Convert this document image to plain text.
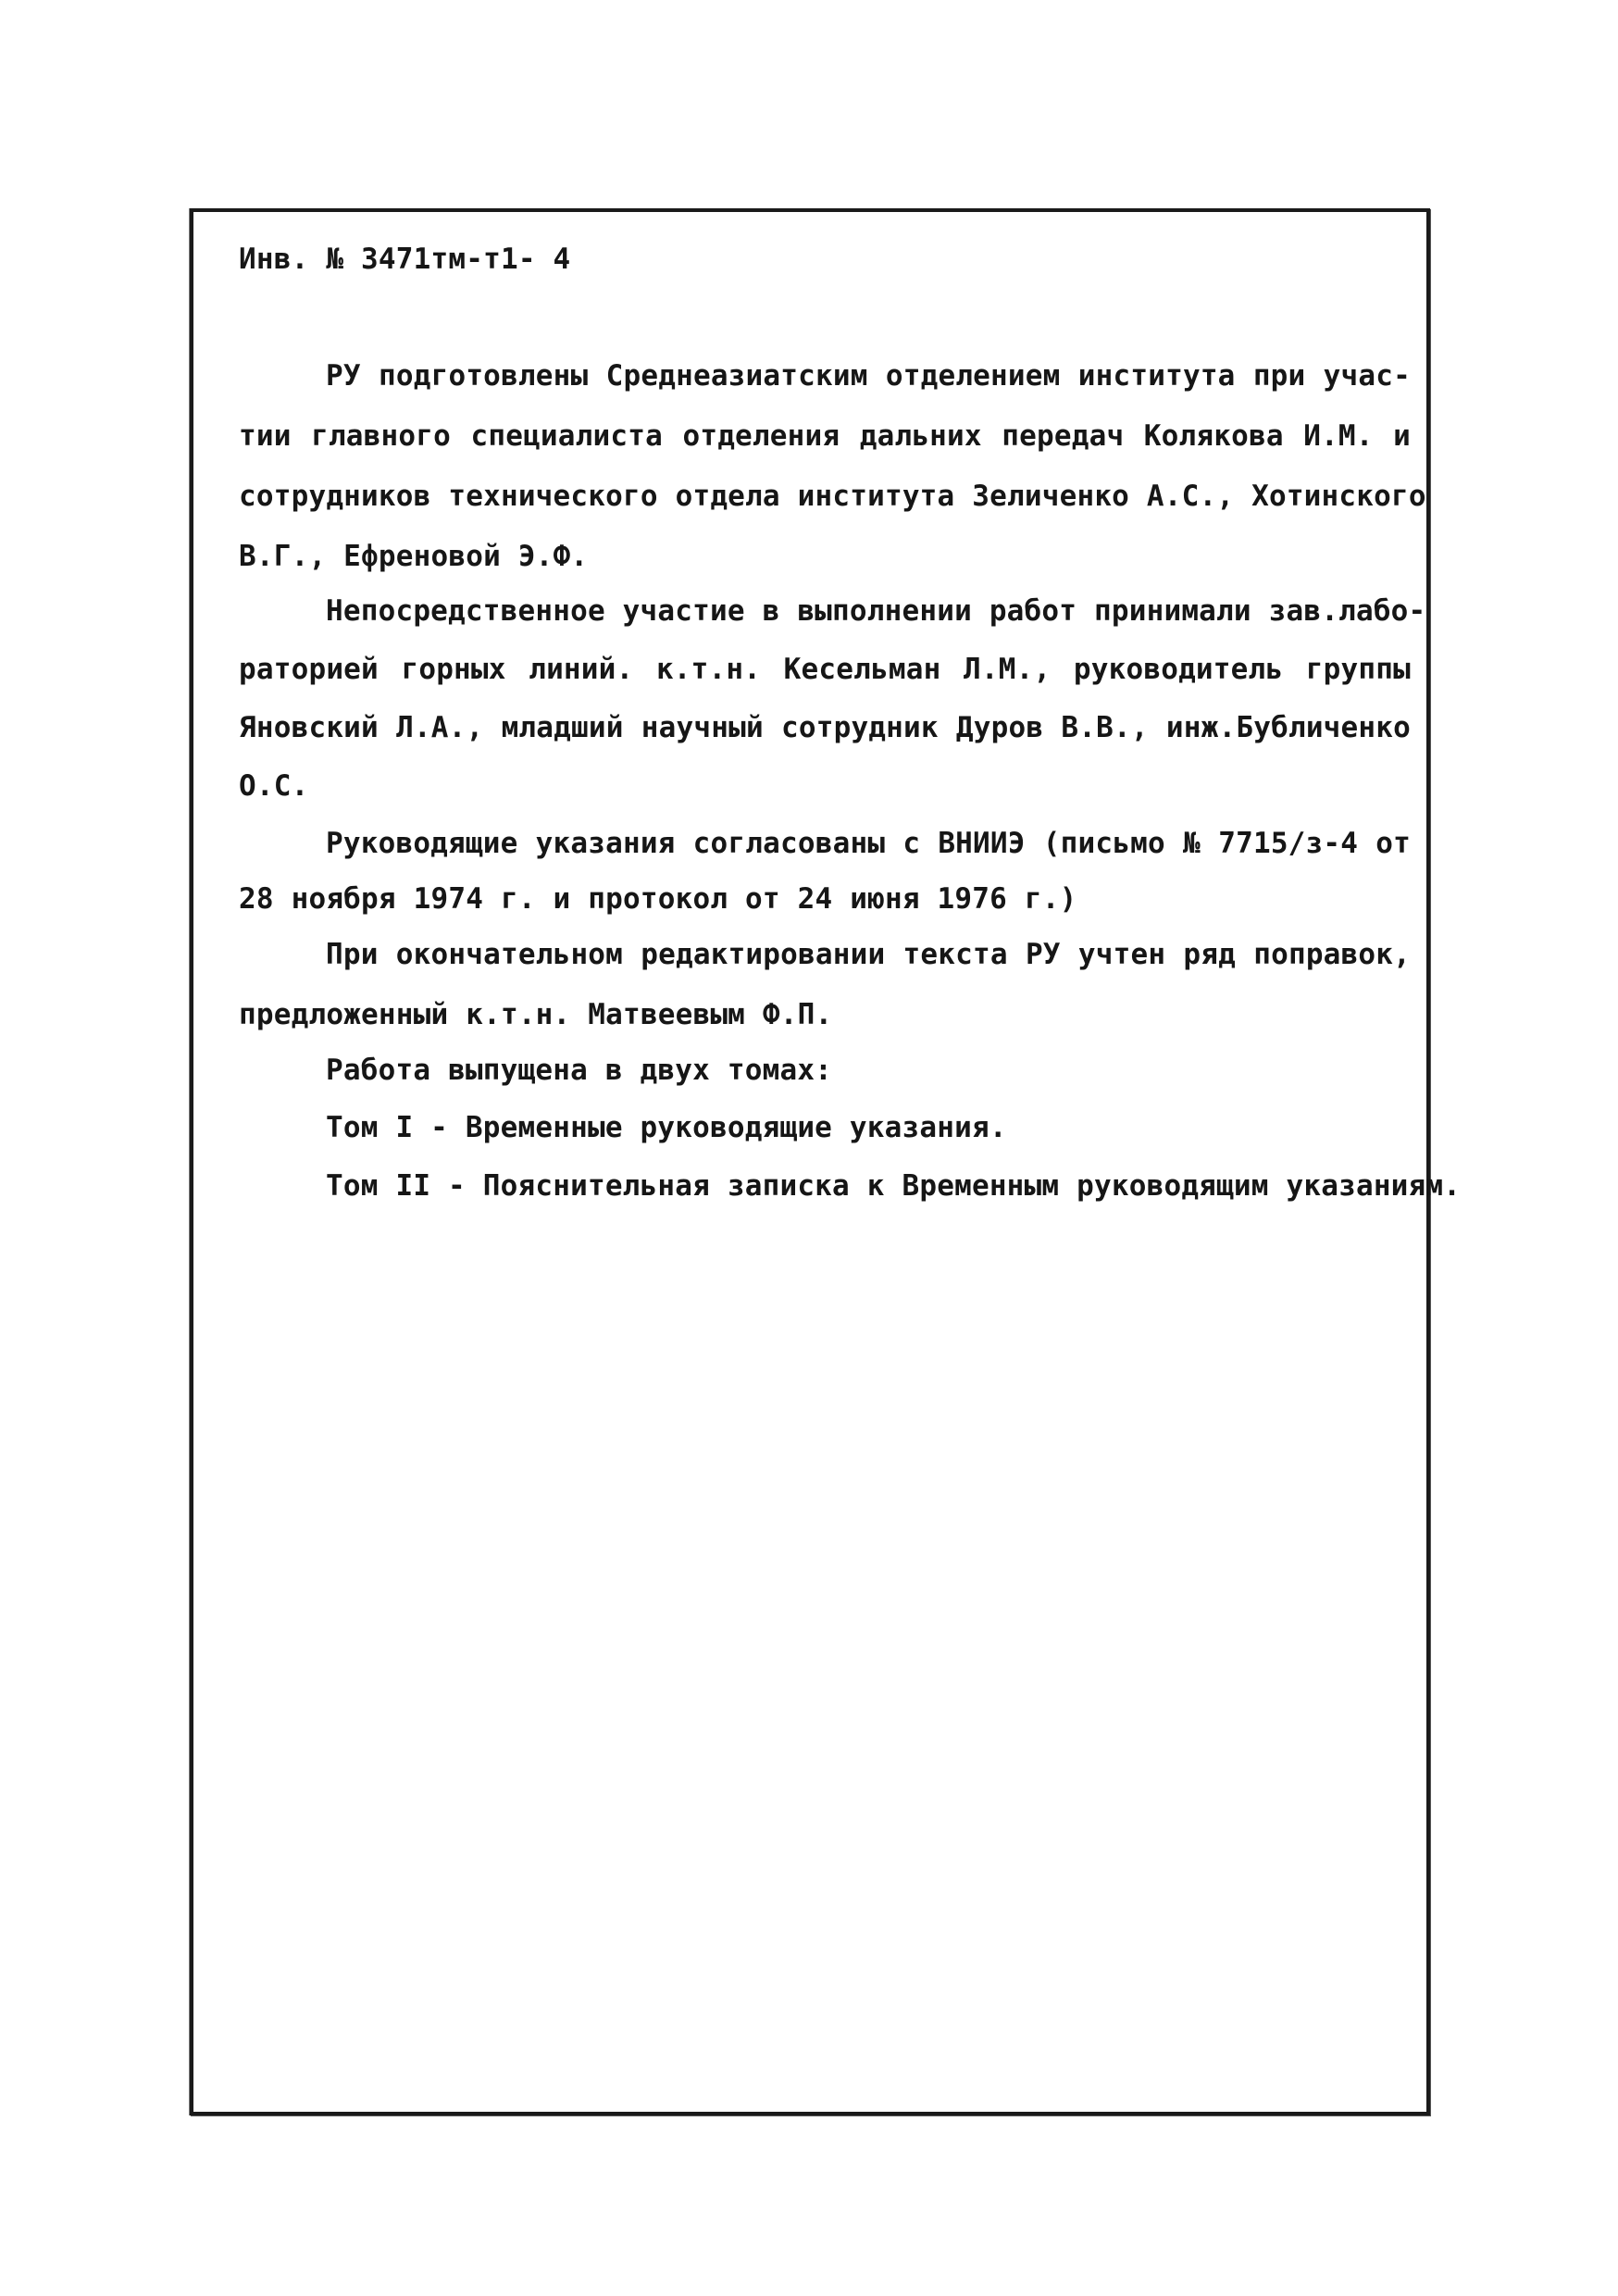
Инв. № 3471тм-т1- 4
РУ подготовлены Среднеазиатским отделением института при учас-
тии главного специалиста отделения дальних передач Колякова И.М. и
сотрудников технического отдела института Зеличенко А.С., Хотинского
В.Г., Ефреновой Э.Ф.
Непосредственное участие в выполнении работ принимали зав.лабо-
раторией горных линий. к.т.н. Кесельман Л.М., руководитель группы
Яновский Л.А., младший научный сотрудник Дуров В.В., инж.Бубличенко
О.С.
Руководящие указания согласованы с ВНИИЭ (письмо № 7715/з-4 от
28 ноября 1974 г. и протокол от 24 июня 1976 г.)
При окончательном редактировании текста РУ учтен ряд поправок,
предложенный к.т.н. Матвеевым Ф.П.
Работа выпущена в двух томах:
Том I - Временные руководящие указания.
Том II - Пояснительная записка к Временным руководящим указаниям.
